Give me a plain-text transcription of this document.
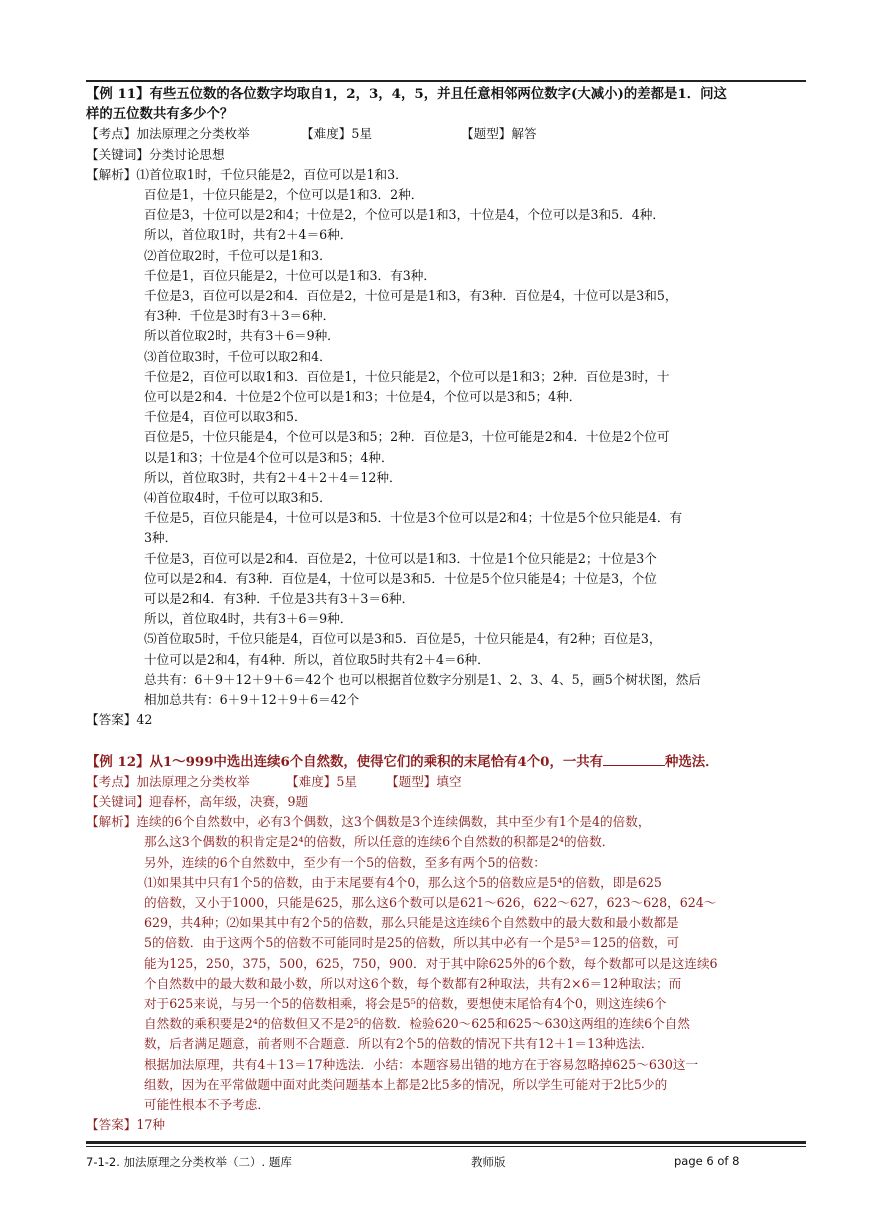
【例 11】有些五位数的各位数字均取自1，2，3，4，5，并且任意相邻两位数字(大减小)的差都是1．问这
样的五位数共有多少个？
【考点】加法原理之分类枚举	【难度】5星	【题型】解答
【关键词】分类讨论思想
【解析】⑴首位取1时，千位只能是2，百位可以是1和3．
百位是1，十位只能是2，个位可以是1和3．2种．
百位是3，十位可以是2和4；十位是2，个位可以是1和3，十位是4，个位可以是3和5．4种．
所以，首位取1时，共有2＋4＝6种．
⑵首位取2时，千位可以是1和3．
千位是1，百位只能是2，十位可以是1和3．有3种．
千位是3，百位可以是2和4．百位是2，十位可是是1和3，有3种．百位是4，十位可以是3和5，
有3种．千位是3时有3＋3＝6种．
所以首位取2时，共有3＋6＝9种．
⑶首位取3时，千位可以取2和4．
千位是2，百位可以取1和3．百位是1，十位只能是2，个位可以是1和3；2种．百位是3时，十
位可以是2和4．十位是2个位可以是1和3；十位是4，个位可以是3和5；4种．
千位是4，百位可以取3和5．
百位是5，十位只能是4，个位可以是3和5；2种．百位是3，十位可能是2和4．十位是2个位可
以是1和3；十位是4个位可以是3和5；4种．
所以，首位取3时，共有2＋4＋2＋4＝12种．
⑷首位取4时，千位可以取3和5．
千位是5，百位只能是4，十位可以是3和5．十位是3个位可以是2和4；十位是5个位只能是4．有
3种．
千位是3，百位可以是2和4．百位是2，十位可以是1和3．十位是1个位只能是2；十位是3个
位可以是2和4．有3种．百位是4，十位可以是3和5．十位是5个位只能是4；十位是3，个位
可以是2和4．有3种．千位是3共有3＋3＝6种．
所以，首位取4时，共有3＋6＝9种．
⑸首位取5时，千位只能是4，百位可以是3和5．百位是5，十位只能是4，有2种；百位是3，
十位可以是2和4，有4种．所以，首位取5时共有2＋4＝6种．
总共有：6＋9＋12＋9＋6＝42个 也可以根据首位数字分别是1、2、3、4、5，画5个树状图，然后
相加总共有：6＋9＋12＋9＋6＝42个
【答案】42
【例 12】从1～999中选出连续6个自然数，使得它们的乘积的末尾恰有4个0，一共有	种选法．
【考点】加法原理之分类枚举	【难度】5星 【题型】填空
【关键词】迎春杯，高年级，决赛，9题
【解析】连续的6个自然数中，必有3个偶数，这3个偶数是3个连续偶数，其中至少有1个是4的倍数，
那么这3个偶数的积肯定是2⁴的倍数，所以任意的连续6个自然数的积都是2⁴的倍数．
另外，连续的6个自然数中，至少有一个5的倍数，至多有两个5的倍数：
⑴如果其中只有1个5的倍数，由于末尾要有4个0，那么这个5的倍数应是5⁴的倍数，即是625
的倍数，又小于1000，只能是625，那么这6个数可以是621～626，622～627，623～628，624～
629，共4种；⑵如果其中有2个5的倍数，那么只能是这连续6个自然数中的最大数和最小数都是
5的倍数．由于这两个5的倍数不可能同时是25的倍数，所以其中必有一个是5³＝125的倍数，可
能为125，250，375，500，625，750，900．对于其中除625外的6个数，每个数都可以是这连续6
个自然数中的最大数和最小数，所以对这6个数，每个数都有2种取法，共有2×6＝12种取法；而
对于625来说，与另一个5的倍数相乘，将会是5⁵的倍数，要想使末尾恰有4个0，则这连续6个
自然数的乘积要是2⁴的倍数但又不是2⁵的倍数．检验620～625和625～630这两组的连续6个自然
数，后者满足题意，前者则不合题意．所以有2个5的倍数的情况下共有12＋1＝13种选法．
根据加法原理，共有4＋13＝17种选法．小结：本题容易出错的地方在于容易忽略掉625～630这一
组数，因为在平常做题中面对此类问题基本上都是2比5多的情况，所以学生可能对于2比5少的
可能性根本不予考虑．
【答案】17种
7-1-2. 加法原理之分类枚举（二）. 题库	教师版	page 6 of 8
